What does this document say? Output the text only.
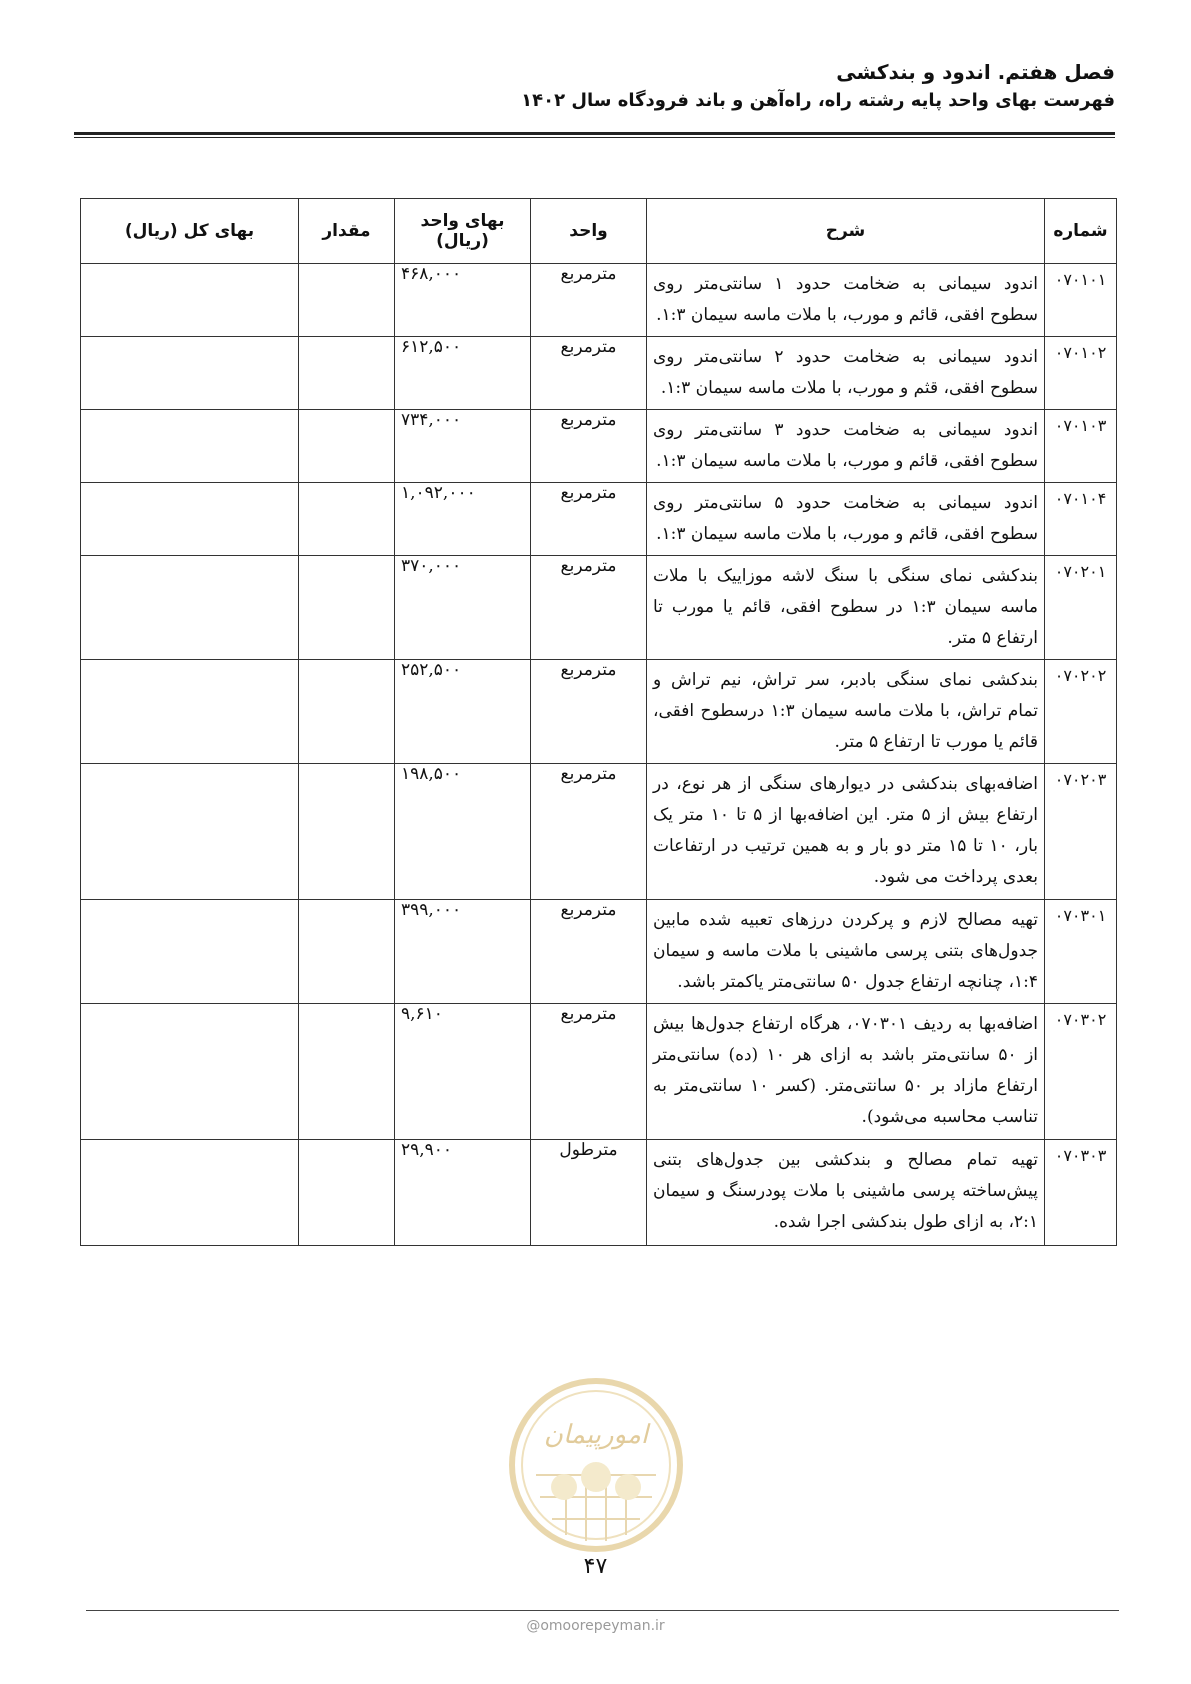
فصل هفتم. اندود و بندکشی
فهرست بهای واحد پایه رشته راه، راه‌آهن و باند فرودگاه سال ۱۴۰۲
شماره	شرح	واحد	بهای واحد (ریال)	مقدار	بهای کل (ریال)
۰۷۰۱۰۱	اندود سیمانی به ضخامت حدود ۱ سانتی‌متر روی سطوح افقی، قائم و مورب، با ملات ماسه سیمان ۱:۳.	مترمربع	۴۶۸,۰۰۰		
۰۷۰۱۰۲	اندود سیمانی به ضخامت حدود ۲ سانتی‌متر روی سطوح افقی، قثم و مورب، با ملات ماسه سیمان ۱:۳.	مترمربع	۶۱۲,۵۰۰		
۰۷۰۱۰۳	اندود سیمانی به ضخامت حدود ۳ سانتی‌متر روی سطوح افقی، قائم و مورب، با ملات ماسه سیمان ۱:۳.	مترمربع	۷۳۴,۰۰۰		
۰۷۰۱۰۴	اندود سیمانی به ضخامت حدود ۵ سانتی‌متر روی سطوح افقی، قائم و مورب، با ملات ماسه سیمان ۱:۳.	مترمربع	۱,۰۹۲,۰۰۰		
۰۷۰۲۰۱	بندکشی نمای سنگی با سنگ لاشه موزاییک با ملات ماسه سیمان ۱:۳ در سطوح افقی، قائم یا مورب تا ارتفاع ۵ متر.	مترمربع	۳۷۰,۰۰۰		
۰۷۰۲۰۲	بندکشی نمای سنگی بادبر، سر تراش، نیم تراش و تمام تراش، با ملات ماسه سیمان ۱:۳ درسطوح افقی، قائم یا مورب تا ارتفاع ۵ متر.	مترمربع	۲۵۲,۵۰۰		
۰۷۰۲۰۳	اضافه‌بهای بندکشی در دیوارهای سنگی از هر نوع، در ارتفاع بیش از ۵ متر. این اضافه‌بها از ۵ تا ۱۰ متر یک بار، ۱۰ تا ۱۵ متر دو بار و به همین ترتیب در ارتفاعات بعدی پرداخت می شود.	مترمربع	۱۹۸,۵۰۰		
۰۷۰۳۰۱	تهیه مصالح لازم و پرکردن درزهای تعبیه شده مابین جدول‌های بتنی پرسی ماشینی با ملات ماسه و سیمان ۱:۴، چنانچه ارتفاع جدول ۵۰ سانتی‌متر یاکمتر باشد.	مترمربع	۳۹۹,۰۰۰		
۰۷۰۳۰۲	اضافه‌بها به ردیف ۰۷۰۳۰۱، هرگاه ارتفاع جدول‌ها بیش از ۵۰ سانتی‌متر باشد به ازای هر ۱۰ (ده) سانتی‌متر ارتفاع مازاد بر ۵۰ سانتی‌متر. (کسر ۱۰ سانتی‌متر به تناسب محاسبه می‌شود).	مترمربع	۹,۶۱۰		
۰۷۰۳۰۳	تهیه تمام مصالح و بندکشی بین جدول‌های بتنی پیش‌ساخته پرسی ماشینی با ملات پودرسنگ و سیمان ۲:۱، به ازای طول بندکشی اجرا شده.	مترطول	۲۹,۹۰۰		
امورپیمان
۴۷
@omoorepeyman.ir
